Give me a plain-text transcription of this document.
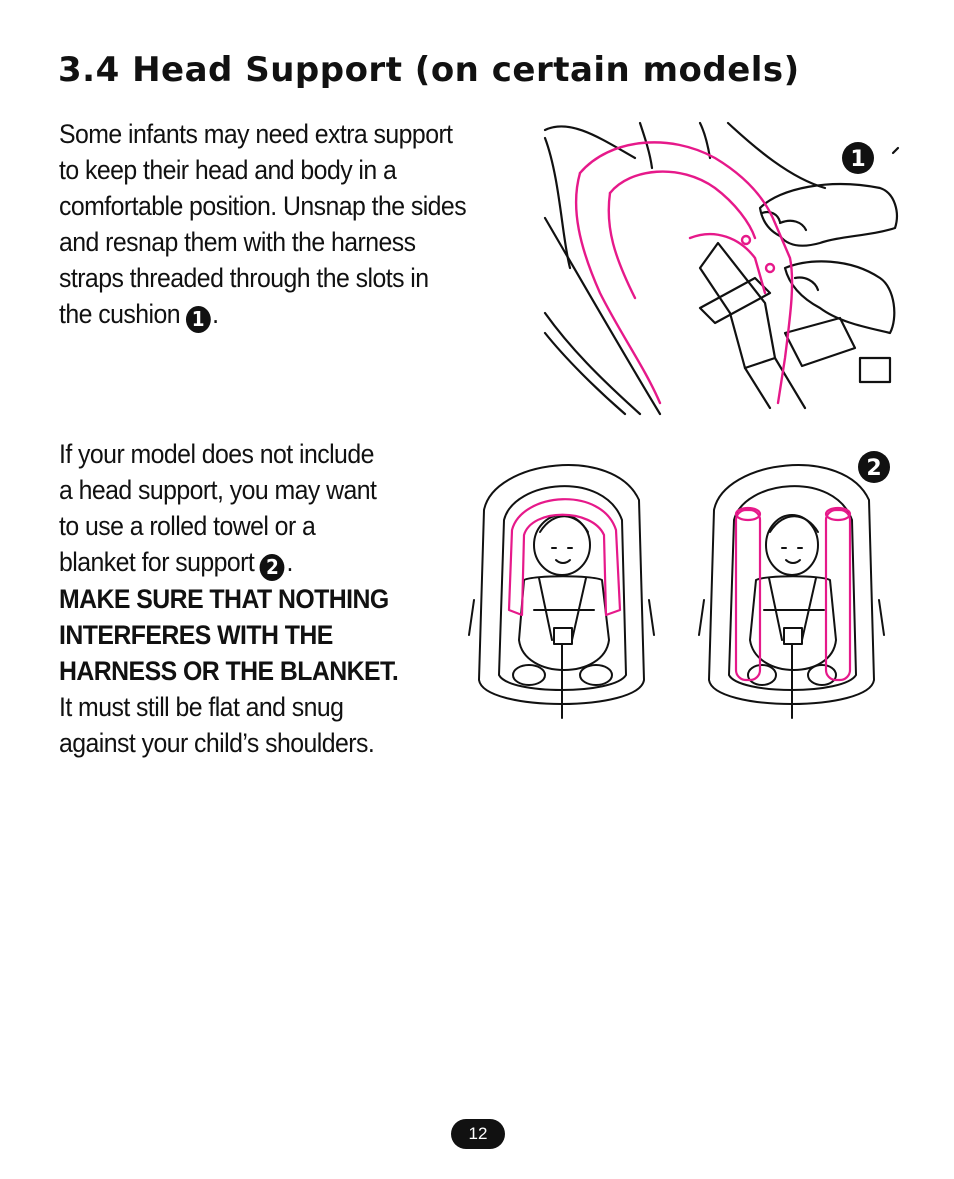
3.4 Head Support (on certain models)

Some infants may need extra support
to keep their head and body in a
comfortable position. Unsnap the sides
and resnap them with the harness
straps threaded through the slots in
the cushion 1 .

If your model does not include
a head support, you may want
to use a rolled towel or a
blanket for support 2 .
MAKE SURE THAT NOTHING
INTERFERES WITH THE
HARNESS OR THE BLANKET.
It must still be flat and snug
against your child’s shoulders.

1
2
12
